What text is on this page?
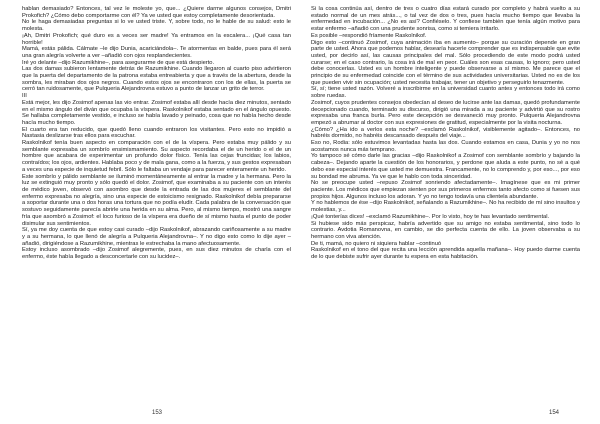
hablan demasiado? Entonces, tal vez le moleste yo, que... ¿Quiere darme algunos consejos, Dmitri Prokofich? ¿Cómo debo comportarme con él? Ya ve usted que estoy completamente desorientada.

No le haga demasiadas preguntas si lo ve usted triste. Y, sobre todo, no le hable de su salud: esto le molesta.

¡Ah, Dmitri Prokofich; qué duro es a veces ser madre! Ya entramos en la escalera... ¡Qué casa tan horrible!

Mamá, estás pálida. Cálmate –le dijo Dunia, acariciándola–. Te atormentas en balde, pues para él será una gran alegría volverte a ver –añadió con ojos resplandecientes.

Iré yo delante –dijo Razumikhine–, para asegurarme de que está despierto.

Las dos damas subieron lentamente detrás de Razumikhine. Cuando llegaron al cuarto piso advirtieron que la puerta del departamento de la patrona estaba entreabierta y que a través de la abertura, desde la sombra, les miraban dos ojos negros. Cuando estos ojos se encontraron con los de ellas, la puerta se cerró tan ruidosamente, que Pulqueria Alejandrovna estuvo a punto de lanzar un grito de terror.

III

Está mejor, les dijo Zosimof apenas las vio entrar. Zosimof estaba allí desde hacía diez minutos, sentado en el mismo ángulo del diván que ocupaba la víspera. Raskolnikof estaba sentado en el ángulo opuesto. Se hallaba completamente vestido, e incluso se había lavado y peinado, cosa que no había hecho desde hacía mucho tiempo.

El cuarto era tan reducido, que quedó lleno cuando entraron los visitantes. Pero esto no impidió a Nastasia deslizarse tras ellos para escuchar.

Raskolnikof tenía buen aspecto en comparación con el de la víspera. Pero estaba muy pálido y su semblante expresaba un sombrío ensimismamiento. Su aspecto recordaba el de un herido o el de un hombre que acabara de experimentar un profundo dolor físico. Tenía las cejas fruncidas; los labios, contraídos; los ojos, ardientes. Hablaba poco y de mala gana, como a la fuerza, y sus gestos expresaban a veces una especie de inquietud febril. Sólo le faltaba un vendaje para parecer enteramente un herido.

Este sombrío y pálido semblante se iluminó momentáneamente al entrar la madre y la hermana. Pero la luz se extinguió muy pronto y sólo quedó el dolor. Zosimof, que examinaba a su paciente con un interés de médico joven, observó con asombro que desde la entrada de las dos mujeres el semblante del enfermo expresaba no alegría, sino una especie de estoicismo resignado. Raskolnikof debía prepararse a soportar durante una o dos horas una tortura que no podía eludir. Cada palabra de la conversación que sostuvo seguidamente parecía abrirle una herida en su alma. Pero, al mismo tiempo, mostró una sangre fría que asombró a Zosimof: el loco furioso de la víspera era dueño de sí mismo hasta el punto de poder disimular sus sentimientos.

Sí, ya me doy cuenta de que estoy casi curado –dijo Raskolnikof, abrazando cariñosamente a su madre y a su hermana, lo que llenó de alegría a Pulqueria Alejandrovna–. Y no digo esto como lo dije ayer –añadió, dirigiéndose a Razumikhine, mientras le estrechaba la mano afectuosamente.

Estoy incluso asombrado –dijo Zosimof alegremente, pues, en sus diez minutos de charla con el enfermo, éste había llegado a desconcertarle con su lucidez–.

153

Si la cosa continúa así, dentro de tres o cuatro días estará curado por completo y habrá vuelto a su estado normal de un mes atrás..., o tal vez de dos o tres, pues hacía mucho tiempo que llevaba la enfermedad en incubación... ¿No es así? Confiéselo. Y confiese también que tenía algún motivo para estar enfermo –añadió con una prudente sonrisa, como si temiera irritarlo.

Es posible –respondió fríamente Raskolnikof.

Digo esto –continuó Zosimof, cuya animación iba en aumento– porque su curación depende en gran parte de usted. Ahora que podemos hablar, desearía hacerle comprender que es indispensable que evite usted, por decirlo así, las causas principales del mal. Sólo procediendo de este modo podrá usted curarse; en el caso contrario, la cosa irá de mal en peor. Cuáles son esas causas, lo ignoro; pero usted debe conocerlas. Usted es un hombre inteligente y puede observarse a sí mismo. Me parece que el principio de su enfermedad coincide con el término de sus actividades universitarias. Usted no es de los que pueden vivir sin ocupación; usted necesita trabajar, tener un objetivo y perseguirlo tenazmente.

Sí, sí; tiene usted razón. Volveré a inscribirme en la universidad cuanto antes y entonces todo irá como sobre ruedas.

Zosimof, cuyos prudentes consejos obedecían al deseo de lucirse ante las damas, quedó profundamente decepcionado cuando, terminado su discurso, dirigió una mirada a su paciente y advirtió que su rostro expresaba una franca burla. Pero este decepción se desvaneció muy pronto. Pulqueria Alejandrovna empezó a abrumar al doctor con sus expresiones de gratitud, especialmente por la visita nocturna.

¿Cómo? ¿Ha ido a verlos esta noche? –exclamó Raskolnikof, visiblemente agitado–. Entonces, no habréis dormido, no habréis descansado después del viaje...

Eso no, Rodia: sólo estuvimos levantadas hasta las dos. Cuando estamos en casa, Dunia y yo no nos acostamos nunca más temprano.

Yo tampoco sé cómo darle las gracias –dijo Raskolnikof a Zosimof con semblante sombrío y bajando la cabeza–. Dejando aparte la cuestión de los honorarios, y perdone que aluda a este punto, no sé a qué debo ese especial interés que usted me demuestra. Francamente, no lo comprendo y, por eso..., por eso su bondad me abruma. Ya ve que le hablo con toda sinceridad.

No se preocupe usted –repuso Zosimof sonriendo afectadamente–. Imagínese que es mi primer paciente. Los médicos que empiezan sienten por sus primeros enfermos tanto afecto como si fuesen sus propios hijos. Algunos incluso los adoran. Y yo no tengo todavía una clientela abundante.

Y no hablemos de ése –dijo Raskolnikof, señalando a Razumikhine–. No ha recibido de mí sino insultos y molestias, y...

¡Qué tonterías dices! –exclamó Razumikhine–. Por lo visto, hoy te has levantado sentimental.

Si hubiese sido más perspicaz, habría advertido que su amigo no estaba sentimental, sino todo lo contrario. Avdotia Romanovna, en cambio, se dio perfecta cuenta de ello. La joven observaba a su hermano con viva atención.

De ti, mamá, no quiero ni siquiera hablar –continuó

Raskolnikof en el tono del que recita una lección aprendida aquella mañana–. Hoy puedo darme cuenta de lo que debiste sufrir ayer durante tu espera en esta habitación.

154
